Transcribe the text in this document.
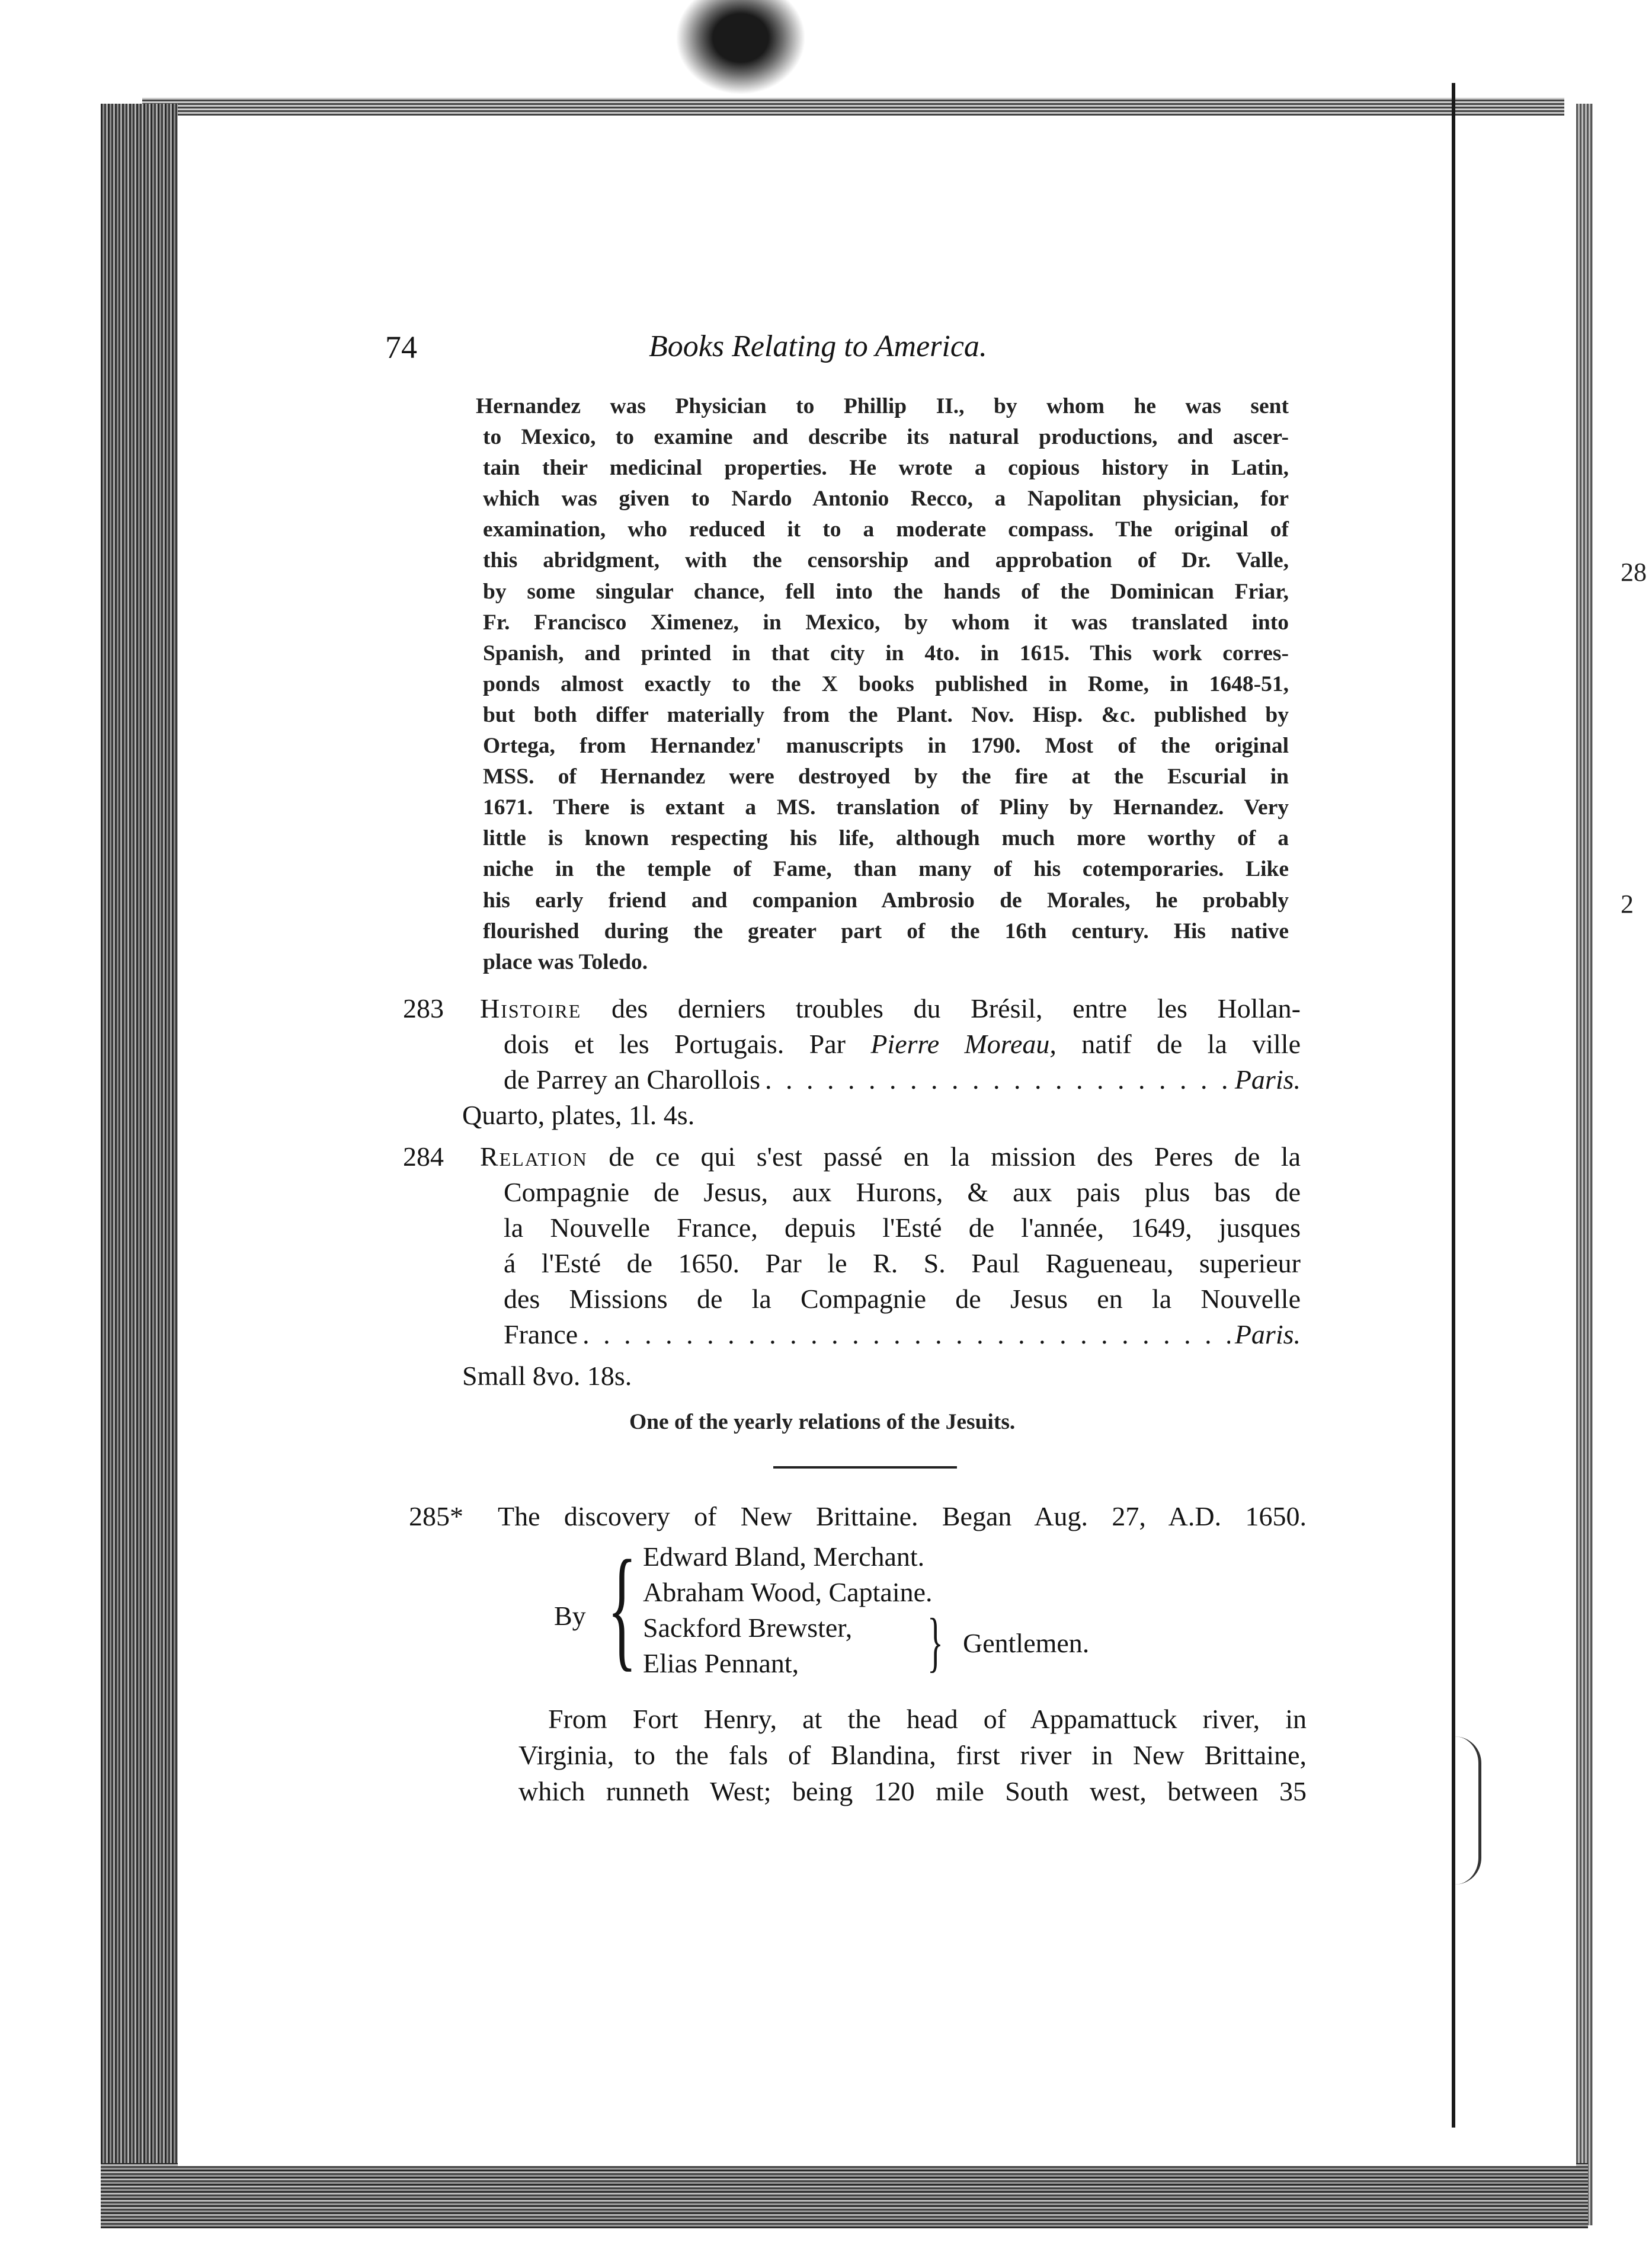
28
2
74	Books Relating to America.
Hernandez was Physician to Phillip II., by whom he was sent
to Mexico, to examine and describe its natural productions, and ascer-
tain their medicinal properties. He wrote a copious history in Latin,
which was given to Nardo Antonio Recco, a Napolitan physician, for
examination, who reduced it to a moderate compass. The original of
this abridgment, with the censorship and approbation of Dr. Valle,
by some singular chance, fell into the hands of the Dominican Friar,
Fr. Francisco Ximenez, in Mexico, by whom it was translated into
Spanish, and printed in that city in 4to. in 1615. This work corres-
ponds almost exactly to the X books published in Rome, in 1648-51,
but both differ materially from the Plant. Nov. Hisp. &c. published by
Ortega, from Hernandez' manuscripts in 1790. Most of the original
MSS. of Hernandez were destroyed by the fire at the Escurial in
1671. There is extant a MS. translation of Pliny by Hernandez. Very
little is known respecting his life, although much more worthy of a
niche in the temple of Fame, than many of his cotemporaries. Like
his early friend and companion Ambrosio de Morales, he probably
flourished during the greater part of the 16th century. His native
place was Toledo.
283 Histoire des derniers troubles du Brésil, entre les Hollan-
dois et les Portugais. Par Pierre Moreau, natif de la ville
de Parrey an Charollois . . .	Paris.
Quarto, plates, 1l. 4s.
284 Relation de ce qui s'est passé en la mission des Peres de la
Compagnie de Jesus, aux Hurons, & aux pais plus bas de
la Nouvelle France, depuis l'Esté de l'année, 1649, jusques
á l'Esté de 1650. Par le R. S. Paul Ragueneau, superieur
des Missions de la Compagnie de Jesus en la Nouvelle
France . . .	Paris.
Small 8vo. 18s.
One of the yearly relations of the Jesuits.
285* The discovery of New Brittaine. Began Aug. 27, A.D. 1650.
By { Edward Bland, Merchant.
Abraham Wood, Captaine.
Sackford Brewster,
Elias Pennant, } Gentlemen.
From Fort Henry, at the head of Appamattuck river, in
Virginia, to the fals of Blandina, first river in New Brittaine,
which runneth West; being 120 mile South west, between 35
